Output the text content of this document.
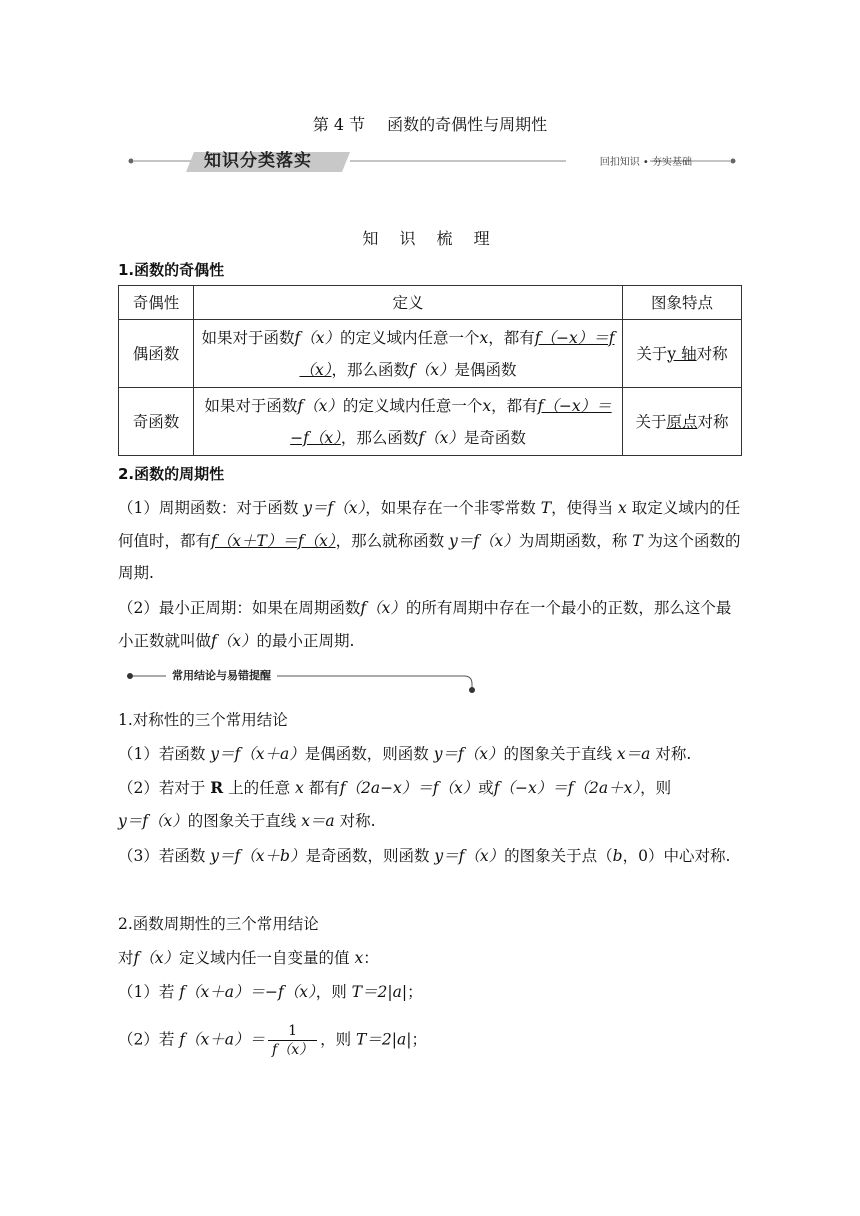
第 4 节 函数的奇偶性与周期性
知识分类落实	回扣知识 • 夯实基础
知 识 梳 理
1.函数的奇偶性
奇偶性	定义	图象特点
偶函数	如果对于函数f（x）的定义域内任意一个x，都有f（−x）＝f（x），那么函数f（x）是偶函数	关于y 轴对称
奇函数	如果对于函数f（x）的定义域内任意一个x，都有f（−x）＝−f（x），那么函数f（x）是奇函数	关于原点对称
2.函数的周期性
（1）周期函数：对于函数 y＝f（x），如果存在一个非零常数 T，使得当 x 取定义域内的任何值时，都有f（x＋T）＝f（x），那么就称函数 y＝f（x）为周期函数，称 T 为这个函数的周期.
（2）最小正周期：如果在周期函数f（x）的所有周期中存在一个最小的正数，那么这个最小正数就叫做f（x）的最小正周期.
常用结论与易错提醒
1.对称性的三个常用结论
（1）若函数 y＝f（x＋a）是偶函数，则函数 y＝f（x）的图象关于直线 x＝a 对称.
（2）若对于 R 上的任意 x 都有f（2a−x）＝f（x）或f（−x）＝f（2a＋x），则 y＝f（x）的图象关于直线 x＝a 对称.
（3）若函数 y＝f（x＋b）是奇函数，则函数 y＝f（x）的图象关于点（b，0）中心对称.
2.函数周期性的三个常用结论
对f（x）定义域内任一自变量的值 x：
（1）若 f（x＋a）＝−f（x），则 T＝2|a|；
（2）若 $f(x+a)= \frac{1}{f(x)}$ ，则 T＝2|a|；
